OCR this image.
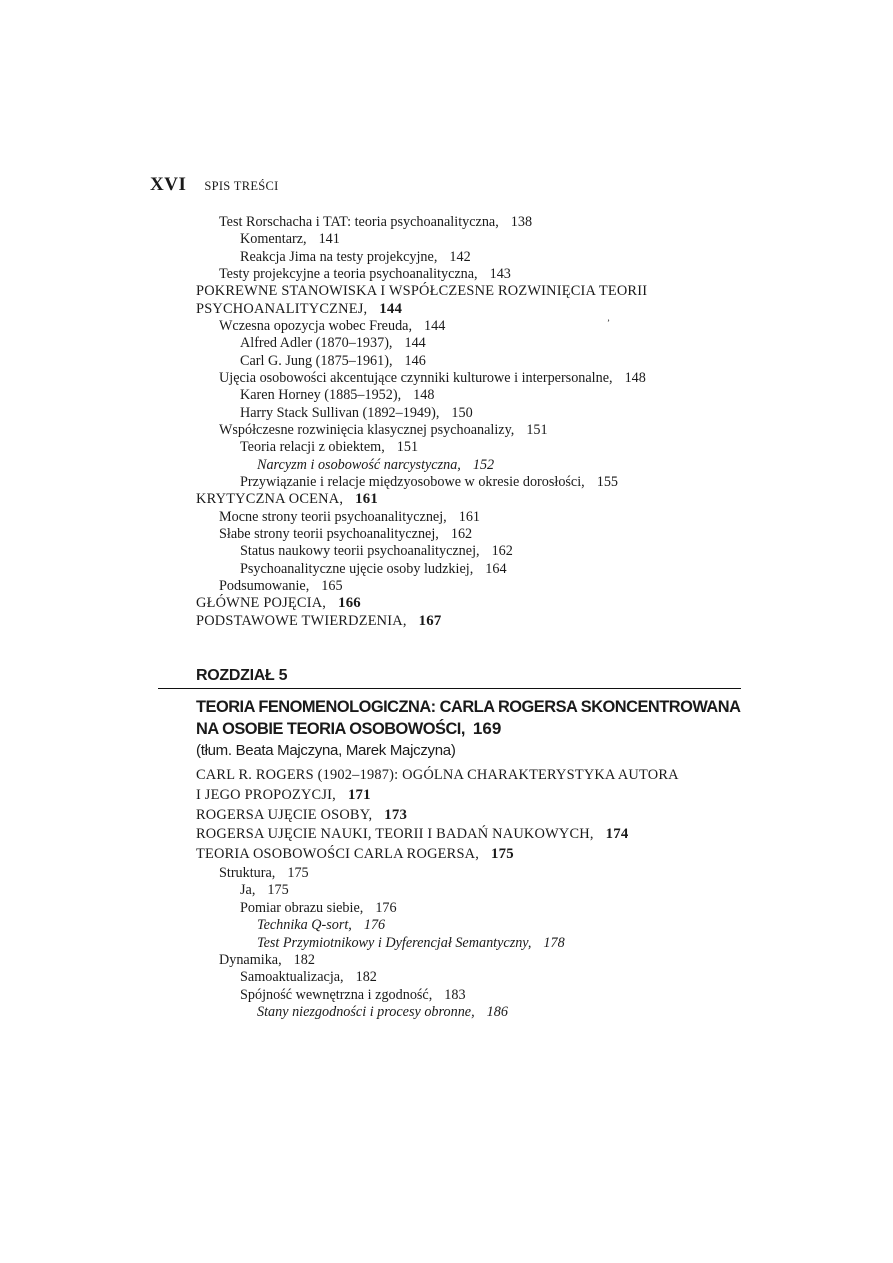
XVI SPIS TREŚCI
Test Rorschacha i TAT: teoria psychoanalityczna, 138
Komentarz, 141
Reakcja Jima na testy projekcyjne, 142
Testy projekcyjne a teoria psychoanalityczna, 143
POKREWNE STANOWISKA I WSPÓŁCZESNE ROZWINIĘCIA TEORII
PSYCHOANALITYCZNEJ, 144
Wczesna opozycja wobec Freuda, 144
Alfred Adler (1870–1937), 144
Carl G. Jung (1875–1961), 146
Ujęcia osobowości akcentujące czynniki kulturowe i interpersonalne, 148
Karen Horney (1885–1952), 148
Harry Stack Sullivan (1892–1949), 150
Współczesne rozwinięcia klasycznej psychoanalizy, 151
Teoria relacji z obiektem, 151
Narcyzm i osobowość narcystyczna, 152
Przywiązanie i relacje międzyosobowe w okresie dorosłości, 155
KRYTYCZNA OCENA, 161
Mocne strony teorii psychoanalitycznej, 161
Słabe strony teorii psychoanalitycznej, 162
Status naukowy teorii psychoanalitycznej, 162
Psychoanalityczne ujęcie osoby ludzkiej, 164
Podsumowanie, 165
GŁÓWNE POJĘCIA, 166
PODSTAWOWE TWIERDZENIA, 167
’
ROZDZIAŁ 5
TEORIA FENOMENOLOGICZNA: CARLA ROGERSA SKONCENTROWANA
NA OSOBIE TEORIA OSOBOWOŚCI, 169
(tłum. Beata Majczyna, Marek Majczyna)
CARL R. ROGERS (1902–1987): OGÓLNA CHARAKTERYSTYKA AUTORA
I JEGO PROPOZYCJI, 171
ROGERSA UJĘCIE OSOBY, 173
ROGERSA UJĘCIE NAUKI, TEORII I BADAŃ NAUKOWYCH, 174
TEORIA OSOBOWOŚCI CARLA ROGERSA, 175
Struktura, 175
Ja, 175
Pomiar obrazu siebie, 176
Technika Q-sort, 176
Test Przymiotnikowy i Dyferencjał Semantyczny, 178
Dynamika, 182
Samoaktualizacja, 182
Spójność wewnętrzna i zgodność, 183
Stany niezgodności i procesy obronne, 186
